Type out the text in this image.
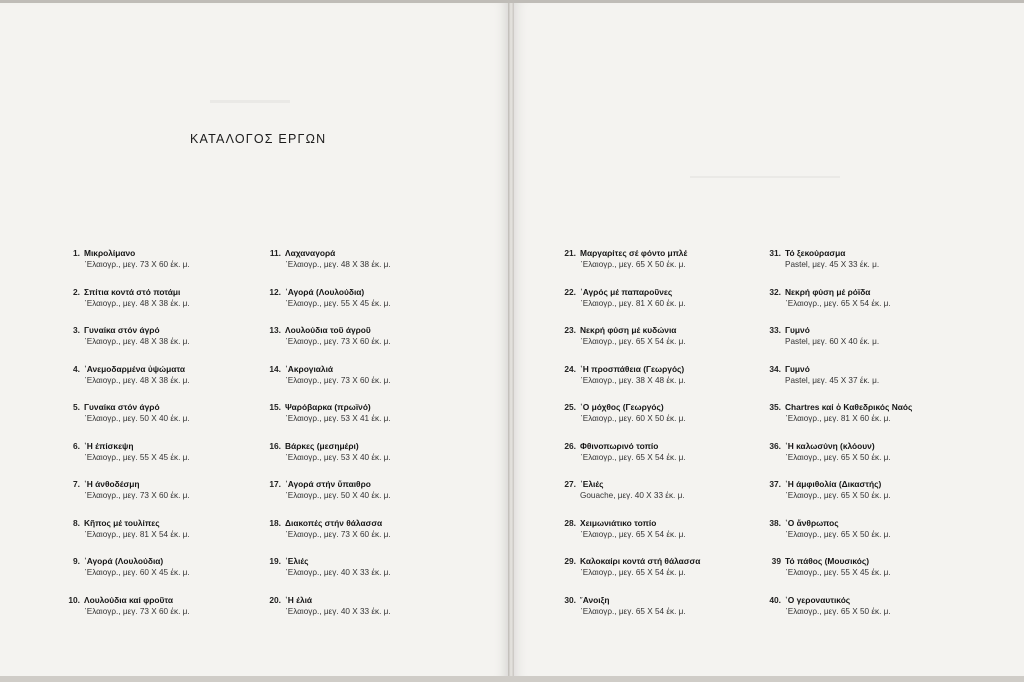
ΚΑΤΑΛΟΓΟΣ ΕΡΓΩΝ
1. Μικρολίμανο
᾿Ελαιογρ., μεγ. 73 Χ 60 έκ. μ.
2. Σπίτια κοντά στό ποτάμι
᾿Ελαιογρ., μεγ. 48 Χ 38 έκ. μ.
3. Γυναίκα στόν άγρό
᾿Ελαιογρ., μεγ. 48 Χ 38 έκ. μ.
4. ᾿Ανεμοδαρμένα ὑψώματα
᾿Ελαιογρ., μεγ. 48 Χ 38 έκ. μ.
5. Γυναίκα στόν άγρό
᾿Ελαιογρ., μεγ. 50 Χ 40 έκ. μ.
6. ῾Η έπίσκεψη
᾿Ελαιογρ., μεγ. 55 Χ 45 έκ. μ.
7. ῾Η άνθοδέσμη
᾿Ελαιογρ., μεγ. 73 Χ 60 έκ. μ.
8. Κῆπος μέ τουλίπες
᾿Ελαιογρ., μεγ. 81 Χ 54 έκ. μ.
9. ᾿Αγορά (Λουλούδια)
᾿Ελαιογρ., μεγ. 60 Χ 45 έκ. μ.
10. Λουλούδια καί φροῦτα
᾿Ελαιογρ., μεγ. 73 Χ 60 έκ. μ.
11. Λαχαναγορά
᾿Ελαιογρ., μεγ. 48 Χ 38 έκ. μ.
12. ᾿Αγορά (Λουλούδια)
᾿Ελαιογρ., μεγ. 55 Χ 45 έκ. μ.
13. Λουλούδια τοῦ άγροῦ
᾿Ελαιογρ., μεγ. 73 Χ 60 έκ. μ.
14. ᾿Ακρογιαλιά
᾿Ελαιογρ., μεγ. 73 Χ 60 έκ. μ.
15. Ψαρόβαρκα (πρωϊνό)
᾿Ελαιογρ., μεγ. 53 Χ 41 έκ. μ.
16. Βάρκες (μεσημέρι)
᾿Ελαιογρ., μεγ. 53 Χ 40 έκ. μ.
17. ᾿Αγορά στήν ὕπαιθρο
᾿Ελαιογρ., μεγ. 50 Χ 40 έκ. μ.
18. Διακοπές στήν θάλασσα
᾿Ελαιογρ., μεγ. 73 Χ 60 έκ. μ.
19. ᾿Ελιές
᾿Ελαιογρ., μεγ. 40 Χ 33 έκ. μ.
20. ῾Η έλιά
᾿Ελαιογρ., μεγ. 40 Χ 33 έκ. μ.
21. Μαργαρίτες σέ φόντο μπλέ
᾿Ελαιογρ., μεγ. 65 Χ 50 έκ. μ.
22. ᾿Αγρός μέ παπαροῦνες
᾿Ελαιογρ., μεγ. 81 Χ 60 έκ. μ.
23. Νεκρή φύση μέ κυδώνια
᾿Ελαιογρ., μεγ. 65 Χ 54 έκ. μ.
24. ῾Η προσπάθεια (Γεωργός)
᾿Ελαιογρ., μεγ. 38 Χ 48 έκ. μ.
25. ῾Ο μόχθος (Γεωργός)
᾿Ελαιογρ., μεγ. 60 Χ 50 έκ. μ.
26. Φθινοπωρινό τοπίο
᾿Ελαιογρ., μεγ. 65 Χ 54 έκ. μ.
27. ᾿Ελιές
Gouache, μεγ. 40 Χ 33 έκ. μ.
28. Χειμωνιάτικο τοπίο
᾿Ελαιογρ., μεγ. 65 Χ 54 έκ. μ.
29. Καλοκαίρι κοντά στή θάλασσα
᾿Ελαιογρ., μεγ. 65 Χ 54 έκ. μ.
30. ῎Ανοιξη
᾿Ελαιογρ., μεγ. 65 Χ 54 έκ. μ.
31. Τό ξεκούρασμα
Pastel, μεγ. 45 Χ 33 έκ. μ.
32. Νεκρή φύση μέ ρόϊδα
᾿Ελαιογρ., μεγ. 65 Χ 54 έκ. μ.
33. Γυμνό
Pastel, μεγ. 60 Χ 40 έκ. μ.
34. Γυμνό
Pastel, μεγ. 45 Χ 37 έκ. μ.
35. Chartres καί ὁ Καθεδρικός Ναός
᾿Ελαιογρ., μεγ. 81 Χ 60 έκ. μ.
36. ῾Η καλωσύνη (κλόουν)
᾿Ελαιογρ., μεγ. 65 Χ 50 έκ. μ.
37. ῾Η άμφιθολία (Δικαστής)
᾿Ελαιογρ., μεγ. 65 Χ 50 έκ. μ.
38. ῾Ο ἄνθρωπος
᾿Ελαιογρ., μεγ. 65 Χ 50 έκ. μ.
39 Τό πάθος (Μουσικός)
᾿Ελαιογρ., μεγ. 55 Χ 45 έκ. μ.
40. ῾Ο γεροναυτικός
᾿Ελαιογρ., μεγ. 65 Χ 50 έκ. μ.
